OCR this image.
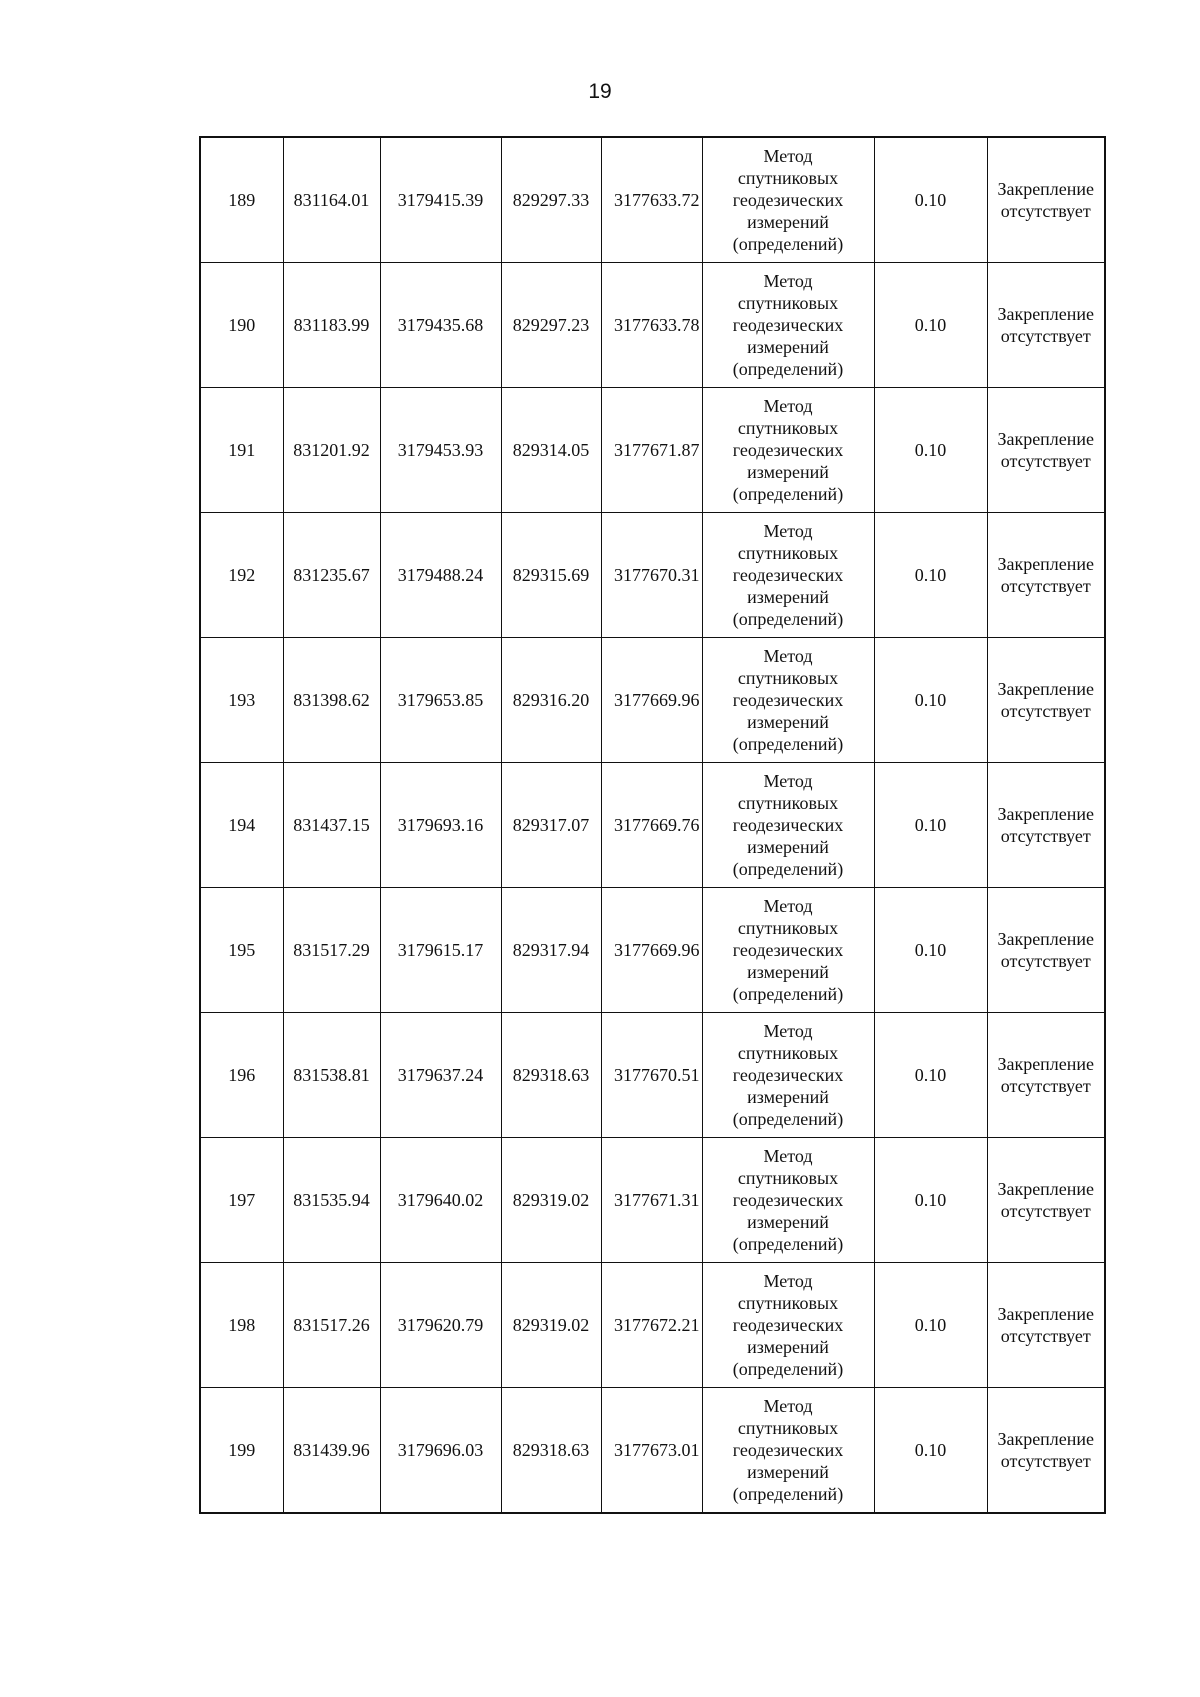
19
189	831164.01	3179415.39	829297.33	3177633.72	Метод спутниковых геодезических измерений (определений)	0.10	Закрепление отсутствует

190	831183.99	3179435.68	829297.23	3177633.78	Метод спутниковых геодезических измерений (определений)	0.10	Закрепление отсутствует

191	831201.92	3179453.93	829314.05	3177671.87	Метод спутниковых геодезических измерений (определений)	0.10	Закрепление отсутствует

192	831235.67	3179488.24	829315.69	3177670.31	Метод спутниковых геодезических измерений (определений)	0.10	Закрепление отсутствует

193	831398.62	3179653.85	829316.20	3177669.96	Метод спутниковых геодезических измерений (определений)	0.10	Закрепление отсутствует

194	831437.15	3179693.16	829317.07	3177669.76	Метод спутниковых геодезических измерений (определений)	0.10	Закрепление отсутствует

195	831517.29	3179615.17	829317.94	3177669.96	Метод спутниковых геодезических измерений (определений)	0.10	Закрепление отсутствует

196	831538.81	3179637.24	829318.63	3177670.51	Метод спутниковых геодезических измерений (определений)	0.10	Закрепление отсутствует

197	831535.94	3179640.02	829319.02	3177671.31	Метод спутниковых геодезических измерений (определений)	0.10	Закрепление отсутствует

198	831517.26	3179620.79	829319.02	3177672.21	Метод спутниковых геодезических измерений (определений)	0.10	Закрепление отсутствует

199	831439.96	3179696.03	829318.63	3177673.01	Метод спутниковых геодезических измерений (определений)	0.10	Закрепление отсутствует
